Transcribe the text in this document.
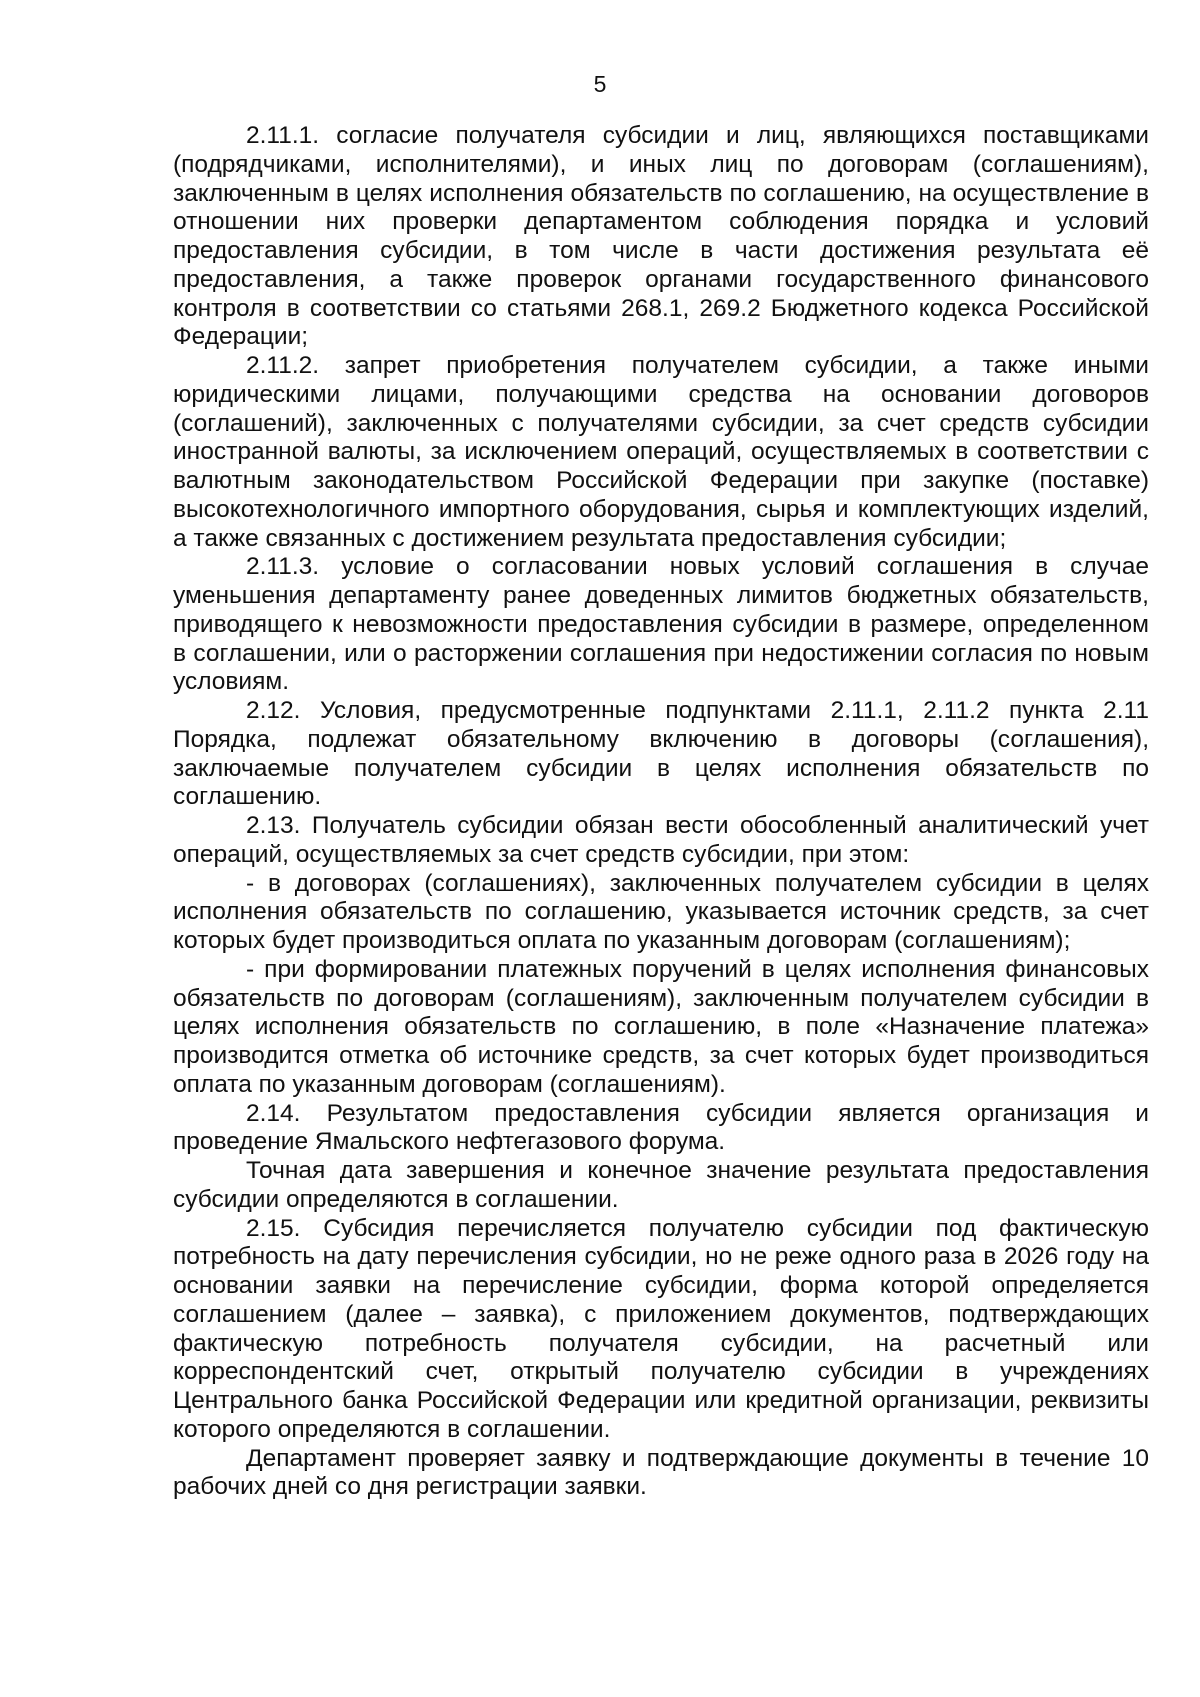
5

2.11.1. согласие получателя субсидии и лиц, являющихся поставщиками (подрядчиками, исполнителями), и иных лиц по договорам (соглашениям), заключенным в целях исполнения обязательств по соглашению, на осуществление в отношении них проверки департаментом соблюдения порядка и условий предоставления субсидии, в том числе в части достижения результата её предоставления, а также проверок органами государственного финансового контроля в соответствии со статьями 268.1, 269.2 Бюджетного кодекса Российской Федерации;

2.11.2. запрет приобретения получателем субсидии, а также иными юридическими лицами, получающими средства на основании договоров (соглашений), заключенных с получателями субсидии, за счет средств субсидии иностранной валюты, за исключением операций, осуществляемых в соответствии с валютным законодательством Российской Федерации при закупке (поставке) высокотехнологичного импортного оборудования, сырья и комплектующих изделий, а также связанных с достижением результата предоставления субсидии;

2.11.3. условие о согласовании новых условий соглашения в случае уменьшения департаменту ранее доведенных лимитов бюджетных обязательств, приводящего к невозможности предоставления субсидии в размере, определенном в соглашении, или о расторжении соглашения при недостижении согласия по новым условиям.

2.12. Условия, предусмотренные подпунктами 2.11.1, 2.11.2 пункта 2.11 Порядка, подлежат обязательному включению в договоры (соглашения), заключаемые получателем субсидии в целях исполнения обязательств по соглашению.

2.13. Получатель субсидии обязан вести обособленный аналитический учет операций, осуществляемых за счет средств субсидии, при этом:

- в договорах (соглашениях), заключенных получателем субсидии в целях исполнения обязательств по соглашению, указывается источник средств, за счет которых будет производиться оплата по указанным договорам (соглашениям);

- при формировании платежных поручений в целях исполнения финансовых обязательств по договорам (соглашениям), заключенным получателем субсидии в целях исполнения обязательств по соглашению, в поле «Назначение платежа» производится отметка об источнике средств, за счет которых будет производиться оплата по указанным договорам (соглашениям).

2.14. Результатом предоставления субсидии является организация и проведение Ямальского нефтегазового форума.

Точная дата завершения и конечное значение результата предоставления субсидии определяются в соглашении.

2.15. Субсидия перечисляется получателю субсидии под фактическую потребность на дату перечисления субсидии, но не реже одного раза в 2026 году на основании заявки на перечисление субсидии, форма которой определяется соглашением (далее – заявка), с приложением документов, подтверждающих фактическую потребность получателя субсидии, на расчетный или корреспондентский счет, открытый получателю субсидии в учреждениях Центрального банка Российской Федерации или кредитной организации, реквизиты которого определяются в соглашении.

Департамент проверяет заявку и подтверждающие документы в течение 10 рабочих дней со дня регистрации заявки.
